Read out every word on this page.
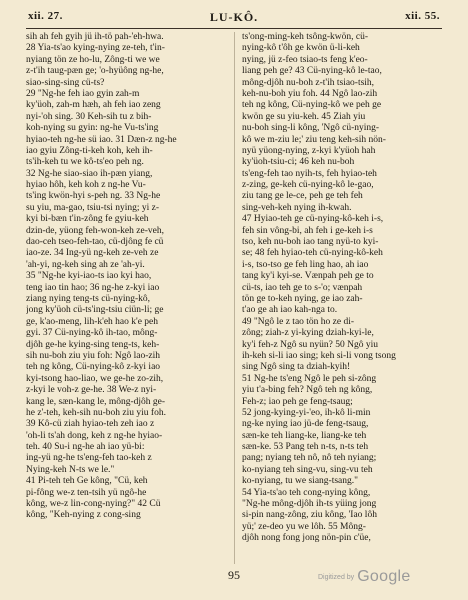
xii. 27.	LU-KÔ.	xii. 55.
sih ah feh gyih jü ih-tö pah-'eh-hwa.
28 Yia-ts'ao kying-nying ze-teh, t'in-
nyiang tön ze ho-lu, Zông-ti we we
z-t'ih taug-pæn ge; 'o-hyüông ng-he,
siao-sing-sing cü-ts?
29 "Ng-he feh iao gyin zah-m
ky'üoh, zah-m hæh, ah feh iao zeng
nyi-'oh sing. 30 Keh-sih tu z bih-
koh-nying su gyin: ng-he Vu-ts'ing
hyiao-teh ng-he sü iao. 31 Dæn-z ng-he
iao gyiu Zông-ti-keh koh, keh ih-
ts'ih-keh tu we kô-ts'eo peh ng.
32 Ng-he siao-siao ih-pæn yiang,
hyiao hôh, keh koh z ng-he Vu-
ts'ing kwön-hyi s-peh ng. 33 Ng-he
su yiu, ma-gao, tsiu-tsi nying; yi z-
kyi bi-bæn t'in-zông fe gyiu-keh
dzin-de, yüong feh-won-keh ze-veh,
dao-ceh tseo-feh-tao, cü-djông fe cü
iao-ze. 34 Ing-yü ng-keh ze-veh ze
'ah-yi, ng-keh sing ah ze 'ah-yi.
35 "Ng-he kyi-iao-ts iao kyi hao,
teng iao tin hao; 36 ng-he z-kyi iao
ziang nying teng-ts cü-nying-kô,
jong ky'üoh cü-ts'ing-tsiu ciün-li; ge
ge, k'ao-meng, lih-k'eh hao k'e peh
gyi. 37 Cü-nying-kô ih-tao, mông-
djôh ge-he kying-sing teng-ts, keh-
sih nu-boh ziu yiu foh: Ngô lao-zih
teh ng kông, Cü-nying-kô z-kyi iao
kyi-tsong hao-liao, we ge-he zo-zih,
z-kyi le voh-z ge-he. 38 We-z nyi-
kang le, sæn-kang le, mông-djôh ge-
he z'-teh, keh-sih nu-boh ziu yiu foh.
39 Kô-cü ziah hyiao-teh zeh iao z
'oh-li ts'ah dong, keh z ng-he hyiao-
teh. 40 Su-i ng-he ah iao yü-bi:
ing-yü ng-he ts'eng-feh tao-keh z
Nying-keh N-ts we le."
41 Pi-teh teh Ge kông, "Cü, keh
pi-fông we-z ten-tsih yü ngô-he
kông, we-z lin-cong-nying?" 42 Cü
kông, "Keh-nying z cong-sing
ts'ong-ming-keh tsông-kwön, cü-
nying-kô t'ôh ge kwön ü-li-keh
nying, jü z-feo tsiao-ts feng k'eo-
liang peh ge? 43 Cü-nying-kô le-tao,
mông-djôh nu-boh z-t'ih tsiao-tsih,
keh-nu-boh yiu foh. 44 Ngô lao-zih
teh ng kông, Cü-nying-kô we peh ge
kwön ge su yiu-keh. 45 Ziah yiu
nu-boh sing-li kông, 'Ngô cü-nying-
kô we m-ziu le;' ziu teng keh-sih nön-
nyü yüong-nying, z-kyi k'yüoh hah
ky'üoh-tsiu-ci; 46 keh nu-boh
ts'eng-feh tao nyih-ts, feh hyiao-teh
z-zing, ge-keh cü-nying-kô le-gao,
ziu tang ge le-ce, peh ge teh feh
sing-veh-keh nying ih-kwah.
47 Hyiao-teh ge cü-nying-kô-keh i-s,
feh sin vông-bi, ah feh i ge-keh i-s
tso, keh nu-boh iao tang nyü-to kyi-
se; 48 feh hyiao-teh cü-nying-kô-keh
i-s, tso-tso ge feh ling hao, ah iao
tang ky'i kyi-se. Vænpah peh ge to
cü-ts, iao teh ge to s-'o; vænpah
tön ge to-keh nying, ge iao zah-
t'ao ge ah iao kah-nga to.
49 "Ngô le z tao tön ho ze di-
zông; ziah-z yi-kying dziah-kyi-le,
ky'i feh-z Ngô su nyün? 50 Ngô yiu
ih-keh si-li iao sing; keh si-li vong tsong
sing Ngô sing ta dziah-kyih!
51 Ng-he ts'eng Ngô le peh si-zông
yiu t'a-bing feh? Ngô teh ng kông,
Feh-z; iao peh ge feng-tsaug;
52 jong-kying-yi-'eo, ih-kô li-min
ng-ke nying iao jü-de feng-tsaug,
sæn-ke teh liang-ke, liang-ke teh
sæn-ke. 53 Pang teh n-ts, n-ts teh
pang; nyiang teh nô, nô teh nyiang;
ko-nyiang teh sing-vu, sing-vu teh
ko-nyiang, tu we siang-tsang."
54 Yia-ts'ao teh cong-nying kông,
"Ng-he mông-djôh ih-ts yüing jong
si-pin nang-zông, ziu kông, 'Iao lôh
yü;' ze-deo yu we lôh. 55 Mông-
djôh nong fong jong nön-pin c'üe,
95	Digitized by Google
